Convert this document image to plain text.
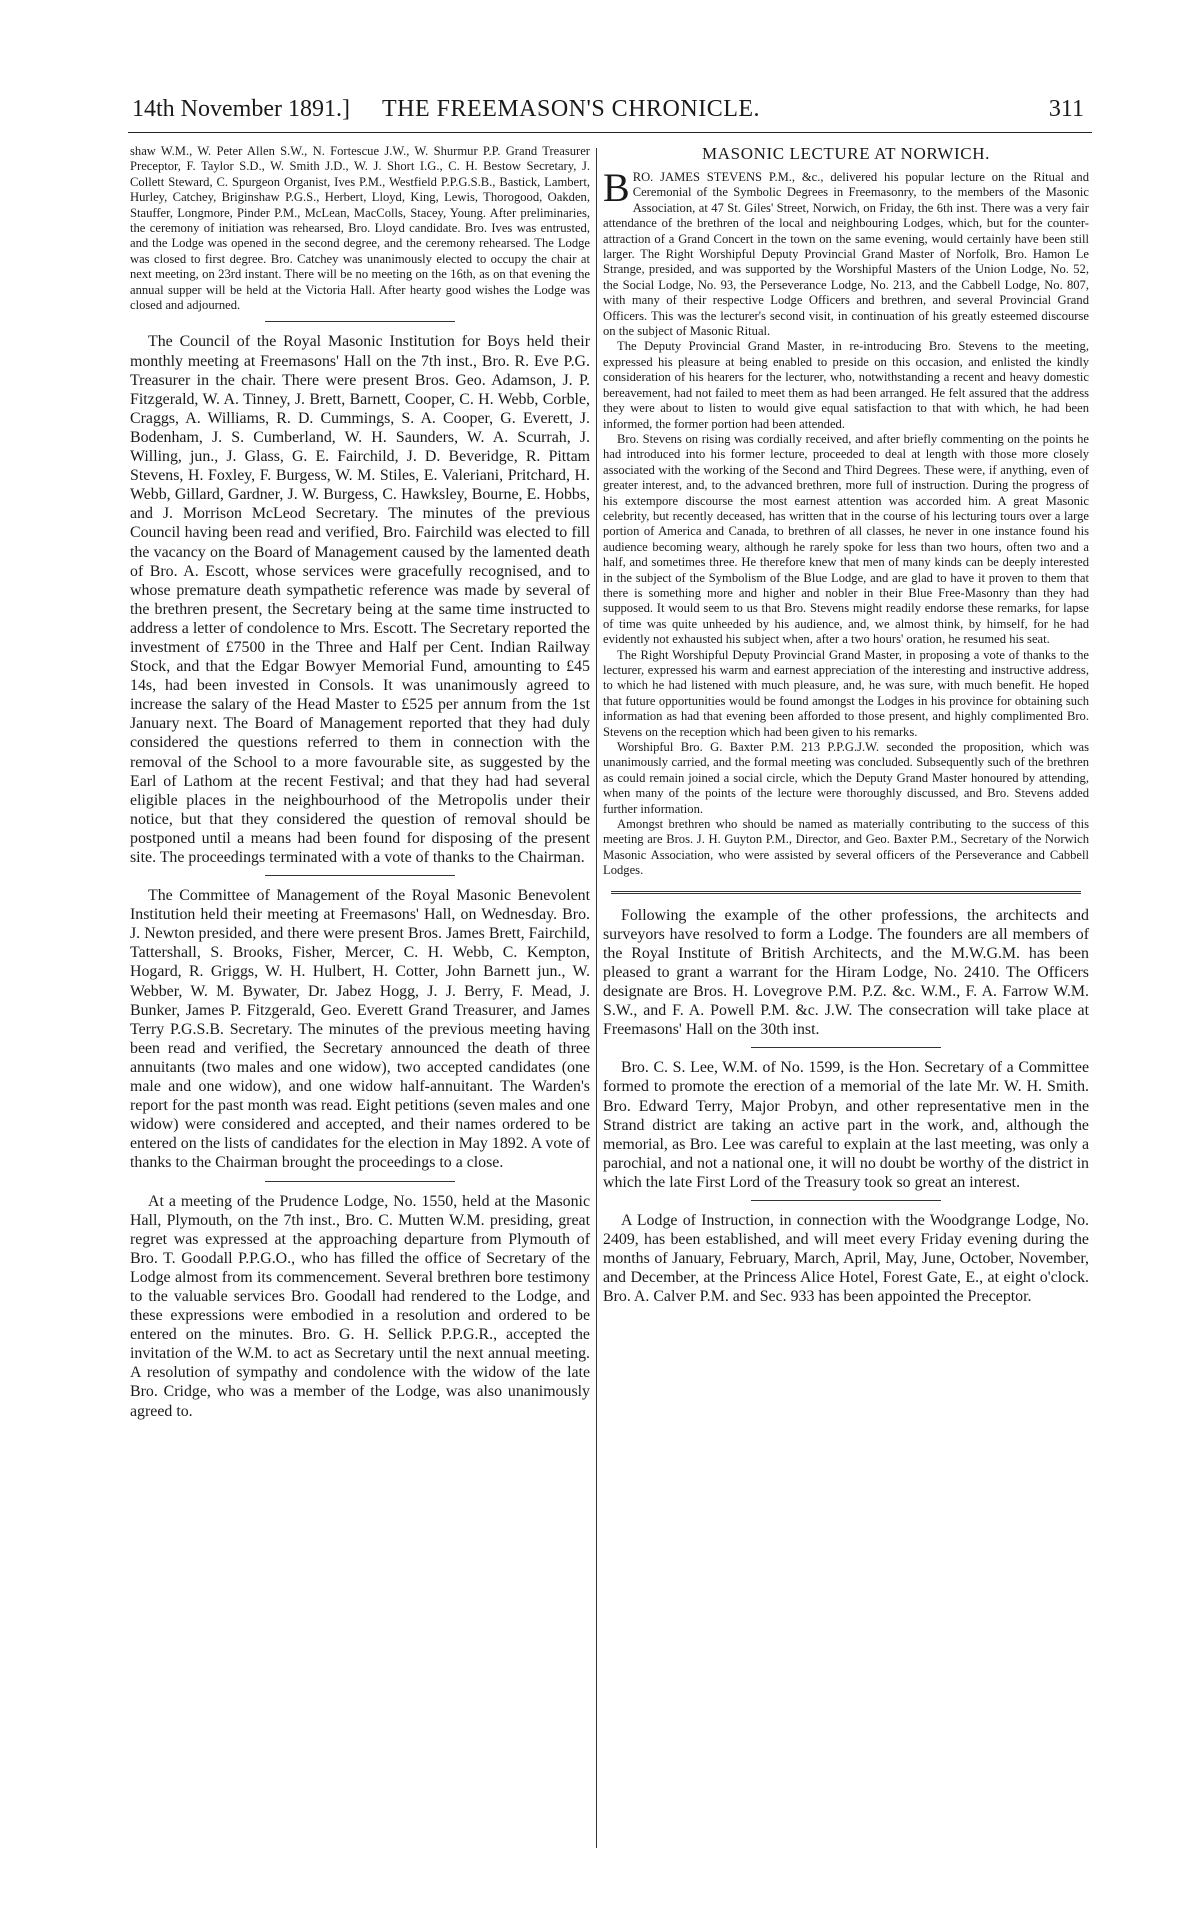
14th November 1891.] THE FREEMASON'S CHRONICLE.	311

shaw W.M., W. Peter Allen S.W., N. Fortescue J.W., W. Shurmur P.P. Grand Treasurer Preceptor, F. Taylor S.D., W. Smith J.D., W. J. Short I.G., C. H. Bestow Secretary, J. Collett Steward, C. Spurgeon Organist, Ives P.M., Westfield P.P.G.S.B., Bastick, Lambert, Hurley, Catchey, Briginshaw P.G.S., Herbert, Lloyd, King, Lewis, Thorogood, Oakden, Stauffer, Longmore, Pinder P.M., McLean, MacColls, Stacey, Young. After preliminaries, the ceremony of initiation was rehearsed, Bro. Lloyd candidate. Bro. Ives was entrusted, and the Lodge was opened in the second degree, and the ceremony rehearsed. The Lodge was closed to first degree. Bro. Catchey was unanimously elected to occupy the chair at next meeting, on 23rd instant. There will be no meeting on the 16th, as on that evening the annual supper will be held at the Victoria Hall. After hearty good wishes the Lodge was closed and adjourned.

The Council of the Royal Masonic Institution for Boys held their monthly meeting at Freemasons' Hall on the 7th inst., Bro. R. Eve P.G. Treasurer in the chair. There were present Bros. Geo. Adamson, J. P. Fitzgerald, W. A. Tinney, J. Brett, Barnett, Cooper, C. H. Webb, Corble, Craggs, A. Williams, R. D. Cummings, S. A. Cooper, G. Everett, J. Bodenham, J. S. Cumberland, W. H. Saunders, W. A. Scurrah, J. Willing, jun., J. Glass, G. E. Fairchild, J. D. Beveridge, R. Pittam Stevens, H. Foxley, F. Burgess, W. M. Stiles, E. Valeriani, Pritchard, H. Webb, Gillard, Gardner, J. W. Burgess, C. Hawksley, Bourne, E. Hobbs, and J. Morrison McLeod Secretary. The minutes of the previous Council having been read and verified, Bro. Fairchild was elected to fill the vacancy on the Board of Management caused by the lamented death of Bro. A. Escott, whose services were gracefully recognised, and to whose premature death sympathetic reference was made by several of the brethren present, the Secretary being at the same time instructed to address a letter of condolence to Mrs. Escott. The Secretary reported the investment of £7500 in the Three and Half per Cent. Indian Railway Stock, and that the Edgar Bowyer Memorial Fund, amounting to £45 14s, had been invested in Consols. It was unanimously agreed to increase the salary of the Head Master to £525 per annum from the 1st January next. The Board of Management reported that they had duly considered the questions referred to them in connection with the removal of the School to a more favourable site, as suggested by the Earl of Lathom at the recent Festival; and that they had had several eligible places in the neighbourhood of the Metropolis under their notice, but that they considered the question of removal should be postponed until a means had been found for disposing of the present site. The proceedings terminated with a vote of thanks to the Chairman.

The Committee of Management of the Royal Masonic Benevolent Institution held their meeting at Freemasons' Hall, on Wednesday. Bro. J. Newton presided, and there were present Bros. James Brett, Fairchild, Tattershall, S. Brooks, Fisher, Mercer, C. H. Webb, C. Kempton, Hogard, R. Griggs, W. H. Hulbert, H. Cotter, John Barnett jun., W. Webber, W. M. Bywater, Dr. Jabez Hogg, J. J. Berry, F. Mead, J. Bunker, James P. Fitzgerald, Geo. Everett Grand Treasurer, and James Terry P.G.S.B. Secretary. The minutes of the previous meeting having been read and verified, the Secretary announced the death of three annuitants (two males and one widow), two accepted candidates (one male and one widow), and one widow half-annuitant. The Warden's report for the past month was read. Eight petitions (seven males and one widow) were considered and accepted, and their names ordered to be entered on the lists of candidates for the election in May 1892. A vote of thanks to the Chairman brought the proceedings to a close.

At a meeting of the Prudence Lodge, No. 1550, held at the Masonic Hall, Plymouth, on the 7th inst., Bro. C. Mutten W.M. presiding, great regret was expressed at the approaching departure from Plymouth of Bro. T. Goodall P.P.G.O., who has filled the office of Secretary of the Lodge almost from its commencement. Several brethren bore testimony to the valuable services Bro. Goodall had rendered to the Lodge, and these expressions were embodied in a resolution and ordered to be entered on the minutes. Bro. G. H. Sellick P.P.G.R., accepted the invitation of the W.M. to act as Secretary until the next annual meeting. A resolution of sympathy and condolence with the widow of the late Bro. Cridge, who was a member of the Lodge, was also unanimously agreed to.

MASONIC LECTURE AT NORWICH.

BRO. JAMES STEVENS P.M., &c., delivered his popular lecture on the Ritual and Ceremonial of the Symbolic Degrees in Freemasonry, to the members of the Masonic Association, at 47 St. Giles' Street, Norwich, on Friday, the 6th inst. There was a very fair attendance of the brethren of the local and neighbouring Lodges, which, but for the counter-attraction of a Grand Concert in the town on the same evening, would certainly have been still larger. The Right Worshipful Deputy Provincial Grand Master of Norfolk, Bro. Hamon Le Strange, presided, and was supported by the Worshipful Masters of the Union Lodge, No. 52, the Social Lodge, No. 93, the Perseverance Lodge, No. 213, and the Cabbell Lodge, No. 807, with many of their respective Lodge Officers and brethren, and several Provincial Grand Officers. This was the lecturer's second visit, in continuation of his greatly esteemed discourse on the subject of Masonic Ritual.

The Deputy Provincial Grand Master, in re-introducing Bro. Stevens to the meeting, expressed his pleasure at being enabled to preside on this occasion, and enlisted the kindly consideration of his hearers for the lecturer, who, notwithstanding a recent and heavy domestic bereavement, had not failed to meet them as had been arranged. He felt assured that the address they were about to listen to would give equal satisfaction to that with which, he had been informed, the former portion had been attended.

Bro. Stevens on rising was cordially received, and after briefly commenting on the points he had introduced into his former lecture, proceeded to deal at length with those more closely associated with the working of the Second and Third Degrees. These were, if anything, even of greater interest, and, to the advanced brethren, more full of instruction. During the progress of his extempore discourse the most earnest attention was accorded him. A great Masonic celebrity, but recently deceased, has written that in the course of his lecturing tours over a large portion of America and Canada, to brethren of all classes, he never in one instance found his audience becoming weary, although he rarely spoke for less than two hours, often two and a half, and sometimes three. He therefore knew that men of many kinds can be deeply interested in the subject of the Symbolism of the Blue Lodge, and are glad to have it proven to them that there is something more and higher and nobler in their Blue Free-Masonry than they had supposed. It would seem to us that Bro. Stevens might readily endorse these remarks, for lapse of time was quite unheeded by his audience, and, we almost think, by himself, for he had evidently not exhausted his subject when, after a two hours' oration, he resumed his seat.

The Right Worshipful Deputy Provincial Grand Master, in proposing a vote of thanks to the lecturer, expressed his warm and earnest appreciation of the interesting and instructive address, to which he had listened with much pleasure, and, he was sure, with much benefit. He hoped that future opportunities would be found amongst the Lodges in his province for obtaining such information as had that evening been afforded to those present, and highly complimented Bro. Stevens on the reception which had been given to his remarks.

Worshipful Bro. G. Baxter P.M. 213 P.P.G.J.W. seconded the proposition, which was unanimously carried, and the formal meeting was concluded. Subsequently such of the brethren as could remain joined a social circle, which the Deputy Grand Master honoured by attending, when many of the points of the lecture were thoroughly discussed, and Bro. Stevens added further information.

Amongst brethren who should be named as materially contributing to the success of this meeting are Bros. J. H. Guyton P.M., Director, and Geo. Baxter P.M., Secretary of the Norwich Masonic Association, who were assisted by several officers of the Perseverance and Cabbell Lodges.

Following the example of the other professions, the architects and surveyors have resolved to form a Lodge. The founders are all members of the Royal Institute of British Architects, and the M.W.G.M. has been pleased to grant a warrant for the Hiram Lodge, No. 2410. The Officers designate are Bros. H. Lovegrove P.M. P.Z. &c. W.M., F. A. Farrow W.M. S.W., and F. A. Powell P.M. &c. J.W. The consecration will take place at Freemasons' Hall on the 30th inst.

Bro. C. S. Lee, W.M. of No. 1599, is the Hon. Secretary of a Committee formed to promote the erection of a memorial of the late Mr. W. H. Smith. Bro. Edward Terry, Major Probyn, and other representative men in the Strand district are taking an active part in the work, and, although the memorial, as Bro. Lee was careful to explain at the last meeting, was only a parochial, and not a national one, it will no doubt be worthy of the district in which the late First Lord of the Treasury took so great an interest.

A Lodge of Instruction, in connection with the Woodgrange Lodge, No. 2409, has been established, and will meet every Friday evening during the months of January, February, March, April, May, June, October, November, and December, at the Princess Alice Hotel, Forest Gate, E., at eight o'clock. Bro. A. Calver P.M. and Sec. 933 has been appointed the Preceptor.
